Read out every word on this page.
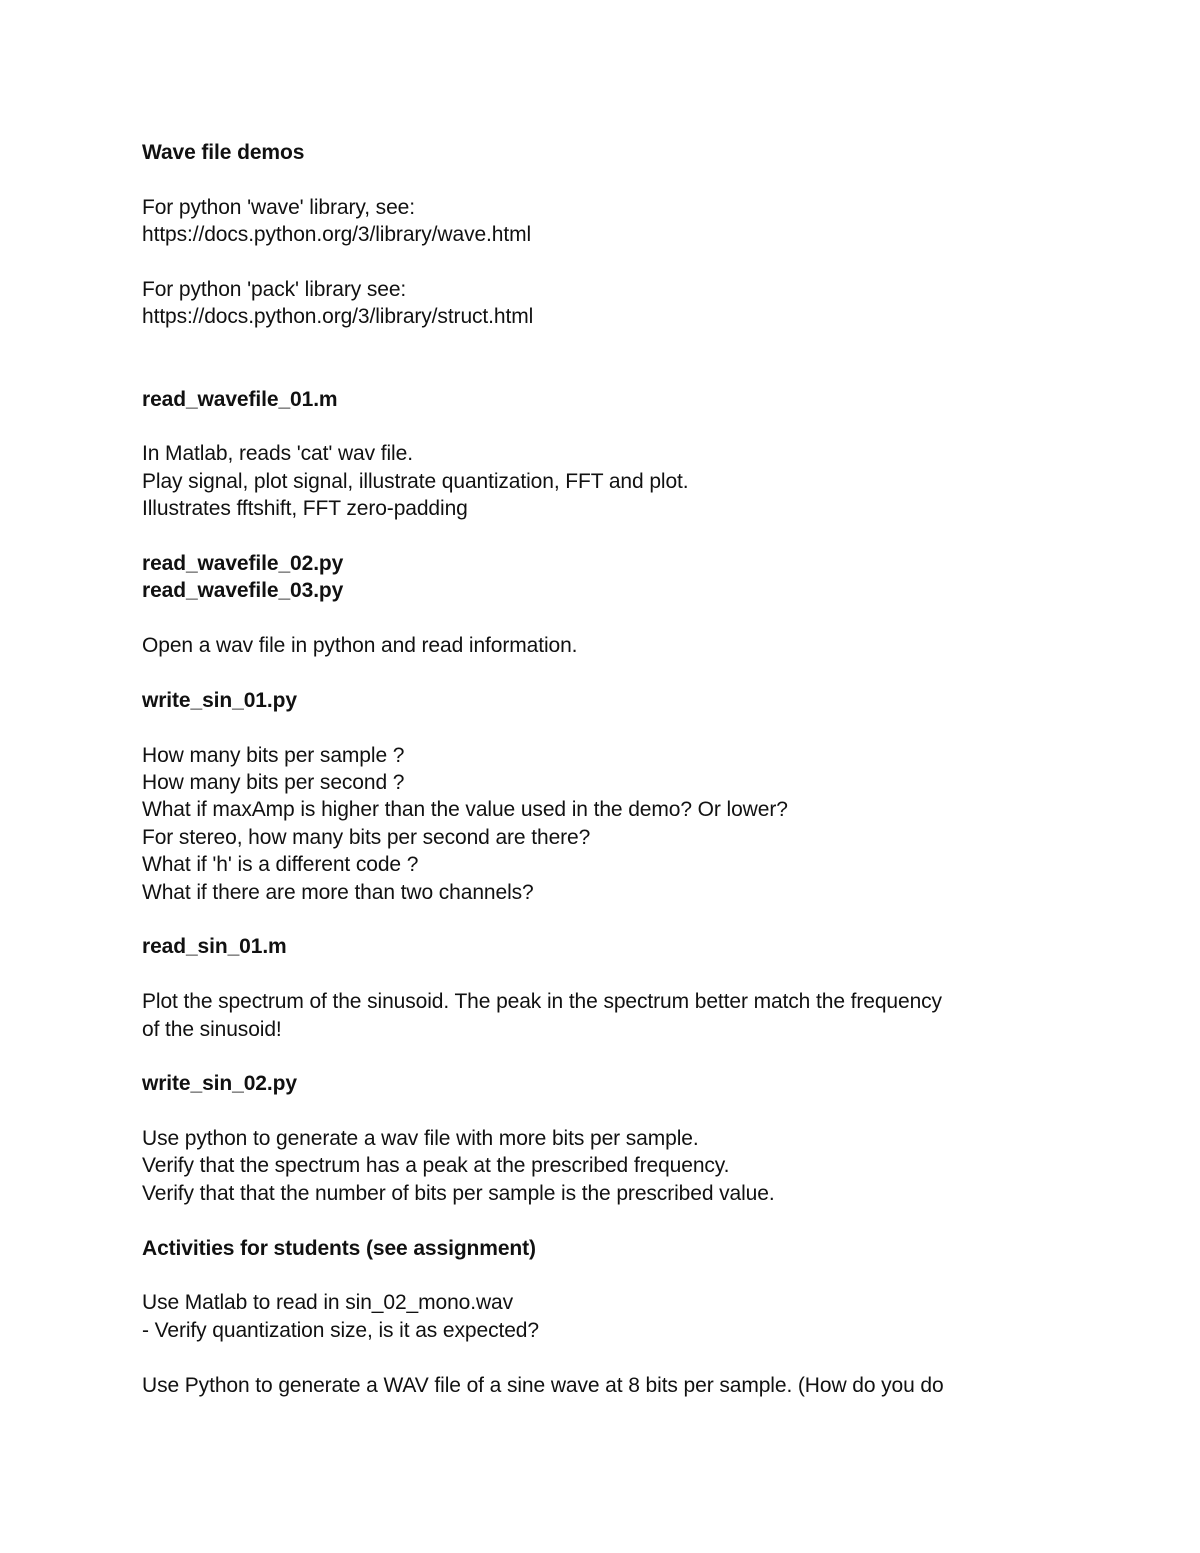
Wave file demos
For python 'wave' library, see:
https://docs.python.org/3/library/wave.html
For python 'pack' library see:
https://docs.python.org/3/library/struct.html
read_wavefile_01.m
In Matlab, reads 'cat' wav file.
Play signal, plot signal, illustrate quantization, FFT and plot.
Illustrates fftshift, FFT zero-padding
read_wavefile_02.py
read_wavefile_03.py
Open a wav file in python and read information.
write_sin_01.py
How many bits per sample ?
How many bits per second ?
What if maxAmp is higher than the value used in the demo? Or lower?
For stereo, how many bits per second are there?
What if 'h' is a different code ?
What if there are more than two channels?
read_sin_01.m
Plot the spectrum of the sinusoid. The peak in the spectrum better match the frequency
of the sinusoid!
write_sin_02.py
Use python to generate a wav file with more bits per sample.
Verify that the spectrum has a peak at the prescribed frequency.
Verify that that the number of bits per sample is the prescribed value.
Activities for students (see assignment)
Use Matlab to read in sin_02_mono.wav
- Verify quantization size, is it as expected?
Use Python to generate a WAV file of a sine wave at 8 bits per sample. (How do you do
